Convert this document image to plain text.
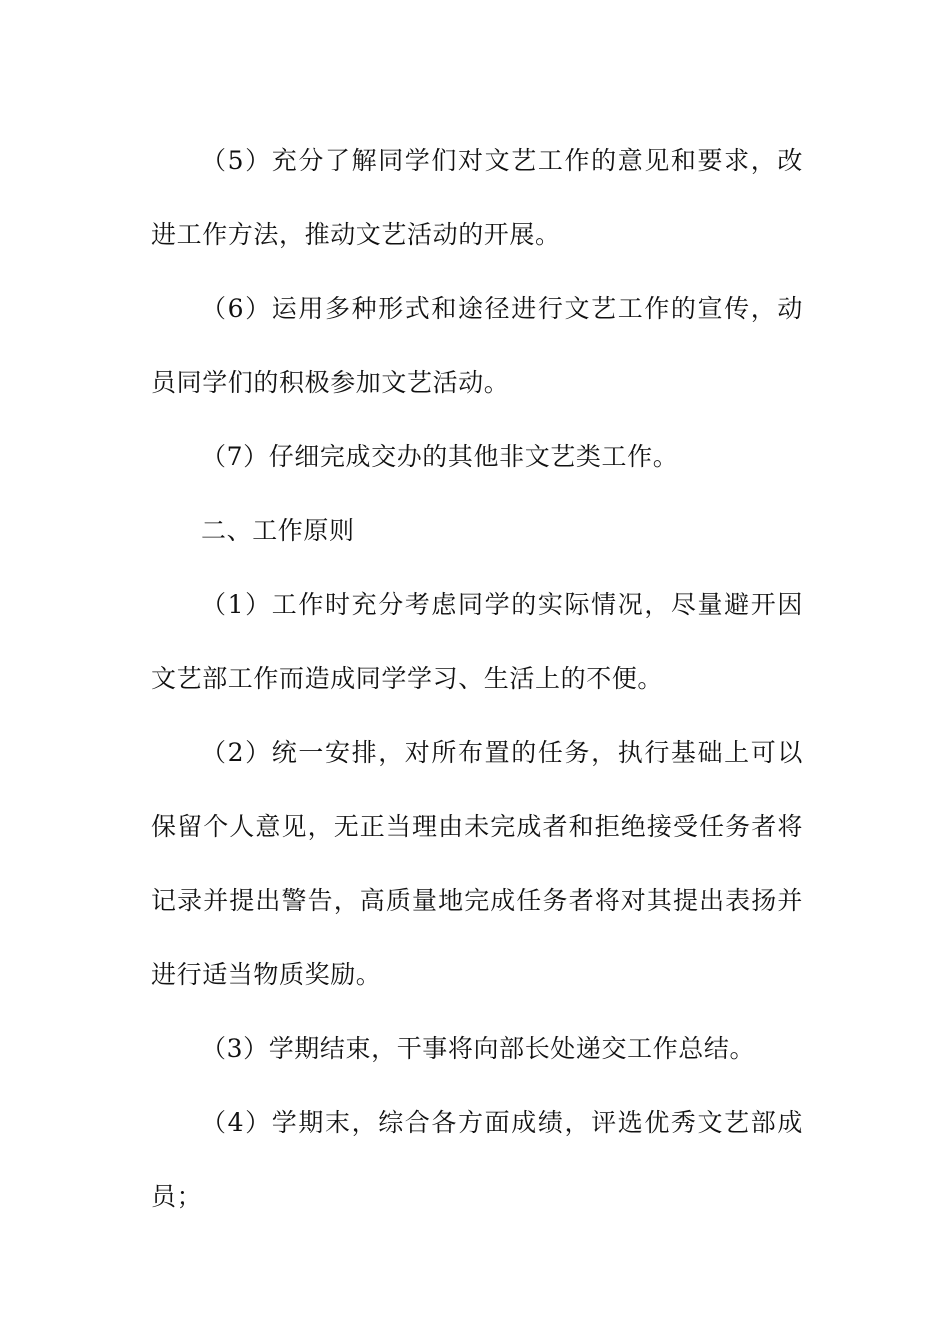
（5）充分了解同学们对文艺工作的意见和要求，改进工作方法，推动文艺活动的开展。

（6）运用多种形式和途径进行文艺工作的宣传，动员同学们的积极参加文艺活动。

（7）仔细完成交办的其他非文艺类工作。

二、工作原则

（1）工作时充分考虑同学的实际情况，尽量避开因文艺部工作而造成同学学习、生活上的不便。

（2）统一安排，对所布置的任务，执行基础上可以保留个人意见，无正当理由未完成者和拒绝接受任务者将记录并提出警告，高质量地完成任务者将对其提出表扬并进行适当物质奖励。

（3）学期结束，干事将向部长处递交工作总结。

（4）学期末，综合各方面成绩，评选优秀文艺部成员；
